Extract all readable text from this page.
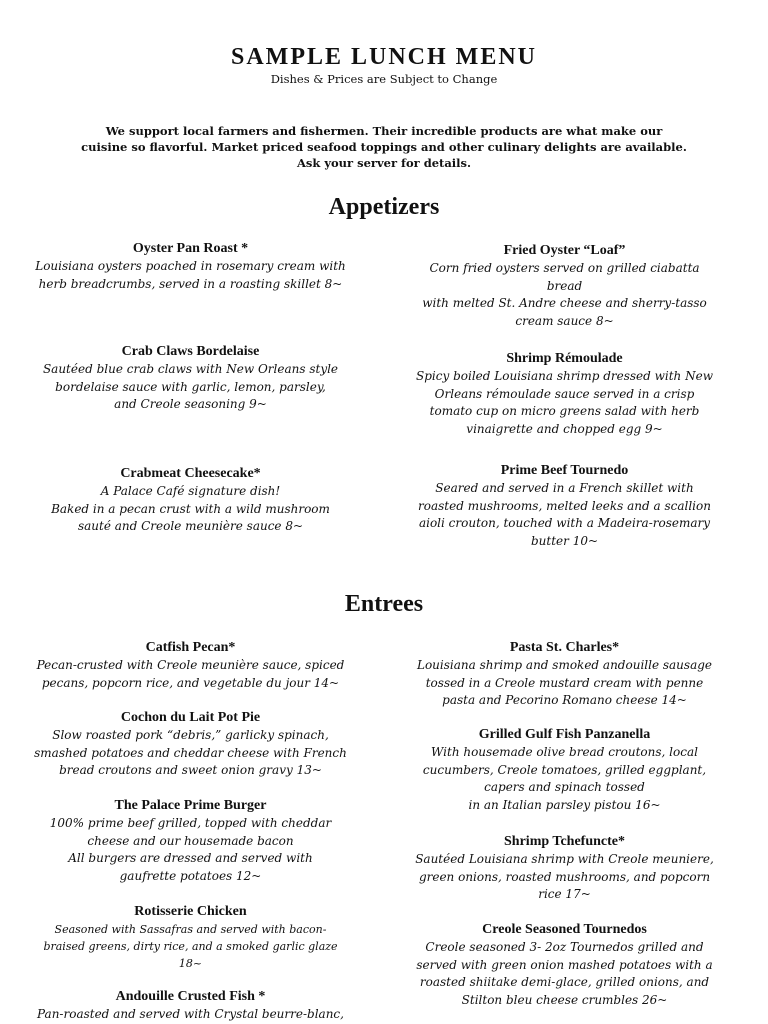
SAMPLE LUNCH MENU
Dishes & Prices are Subject to Change
We support local farmers and fishermen. Their incredible products are what make our
cuisine so flavorful. Market priced seafood toppings and other culinary delights are available.
Ask your server for details.
Appetizers
Oyster Pan Roast *
Louisiana oysters poached in rosemary cream with
herb breadcrumbs, served in a roasting skillet 8~
Crab Claws Bordelaise
Sautéed blue crab claws with New Orleans style
bordelaise sauce with garlic, lemon, parsley,
and Creole seasoning 9~
Crabmeat Cheesecake*
A Palace Café signature dish!
Baked in a pecan crust with a wild mushroom
sauté and Creole meunière sauce 8~
Fried Oyster “Loaf”
Corn fried oysters served on grilled ciabatta
bread
with melted St. Andre cheese and sherry-tasso
cream sauce 8~
Shrimp Rémoulade
Spicy boiled Louisiana shrimp dressed with New
Orleans rémoulade sauce served in a crisp
tomato cup on micro greens salad with herb
vinaigrette and chopped egg 9~
Prime Beef Tournedo
Seared and served in a French skillet with
roasted mushrooms, melted leeks and a scallion
aioli crouton, touched with a Madeira-rosemary
butter 10~
Entrees
Catfish Pecan*
Pecan-crusted with Creole meunière sauce, spiced
pecans, popcorn rice, and vegetable du jour 14~
Cochon du Lait Pot Pie
Slow roasted pork “debris,” garlicky spinach,
smashed potatoes and cheddar cheese with French
bread croutons and sweet onion gravy 13~
The Palace Prime Burger
100% prime beef grilled, topped with cheddar
cheese and our housemade bacon
All burgers are dressed and served with
gaufrette potatoes 12~
Rotisserie Chicken
Seasoned with Sassafras and served with bacon-
braised greens, dirty rice, and a smoked garlic glaze
18~
Andouille Crusted Fish *
Pan-roasted and served with Crystal beurre-blanc,
Pasta St. Charles*
Louisiana shrimp and smoked andouille sausage
tossed in a Creole mustard cream with penne
pasta and Pecorino Romano cheese 14~
Grilled Gulf Fish Panzanella
With housemade olive bread croutons, local
cucumbers, Creole tomatoes, grilled eggplant,
capers and spinach tossed
in an Italian parsley pistou 16~
Shrimp Tchefuncte*
Sautéed Louisiana shrimp with Creole meuniere,
green onions, roasted mushrooms, and popcorn
rice 17~
Creole Seasoned Tournedos
Creole seasoned 3- 2oz Tournedos grilled and
served with green onion mashed potatoes with a
roasted shiitake demi-glace, grilled onions, and
Stilton bleu cheese crumbles 26~
